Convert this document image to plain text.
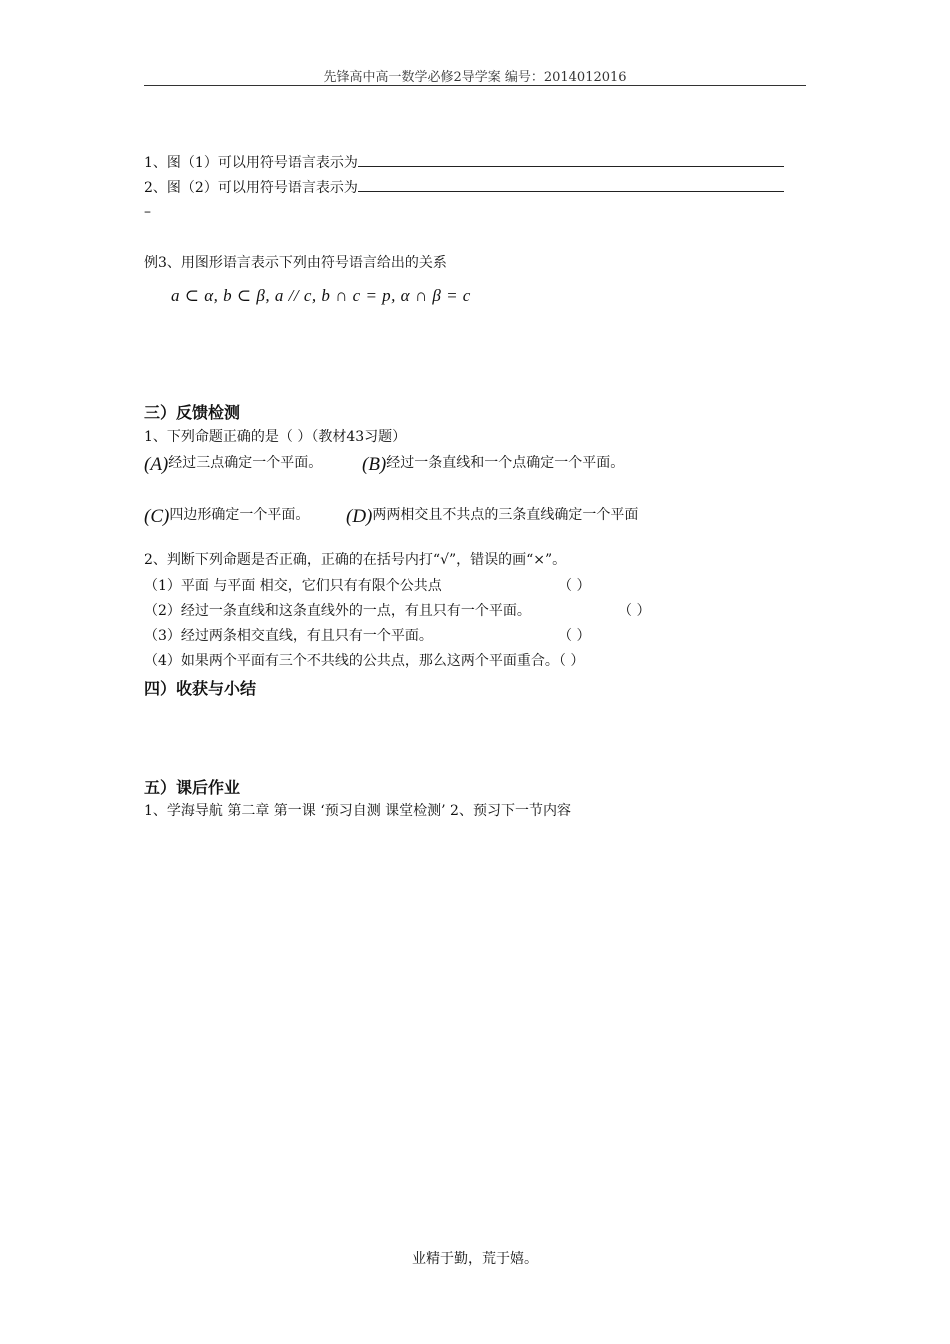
先锋高中高一数学必修2导学案 编号：2014012016
1、图（1）可以用符号语言表示为
2、图（2）可以用符号语言表示为
–
例3、用图形语言表示下列由符号语言给出的关系
a ⊂ α, b ⊂ β, a // c, b ∩ c = p, α ∩ β = c
三）反馈检测
1、下列命题正确的是（ ）（教材43习题）
(A)经过三点确定一个平面。 (B)经过一条直线和一个点确定一个平面。
(C)四边形确定一个平面。 (D)两两相交且不共点的三条直线确定一个平面
2、判断下列命题是否正确，正确的在括号内打“√”，错误的画“×”。
（1）平面 与平面 相交，它们只有有限个公共点	（ ）
（2）经过一条直线和这条直线外的一点，有且只有一个平面。	（ ）
（3）经过两条相交直线，有且只有一个平面。	（ ）
（4）如果两个平面有三个不共线的公共点，那么这两个平面重合。（ ）
四）收获与小结
五）课后作业
1、学海导航 第二章 第一课 ‘预习自测 课堂检测’ 2、预习下一节内容
业精于勤，荒于嬉。
